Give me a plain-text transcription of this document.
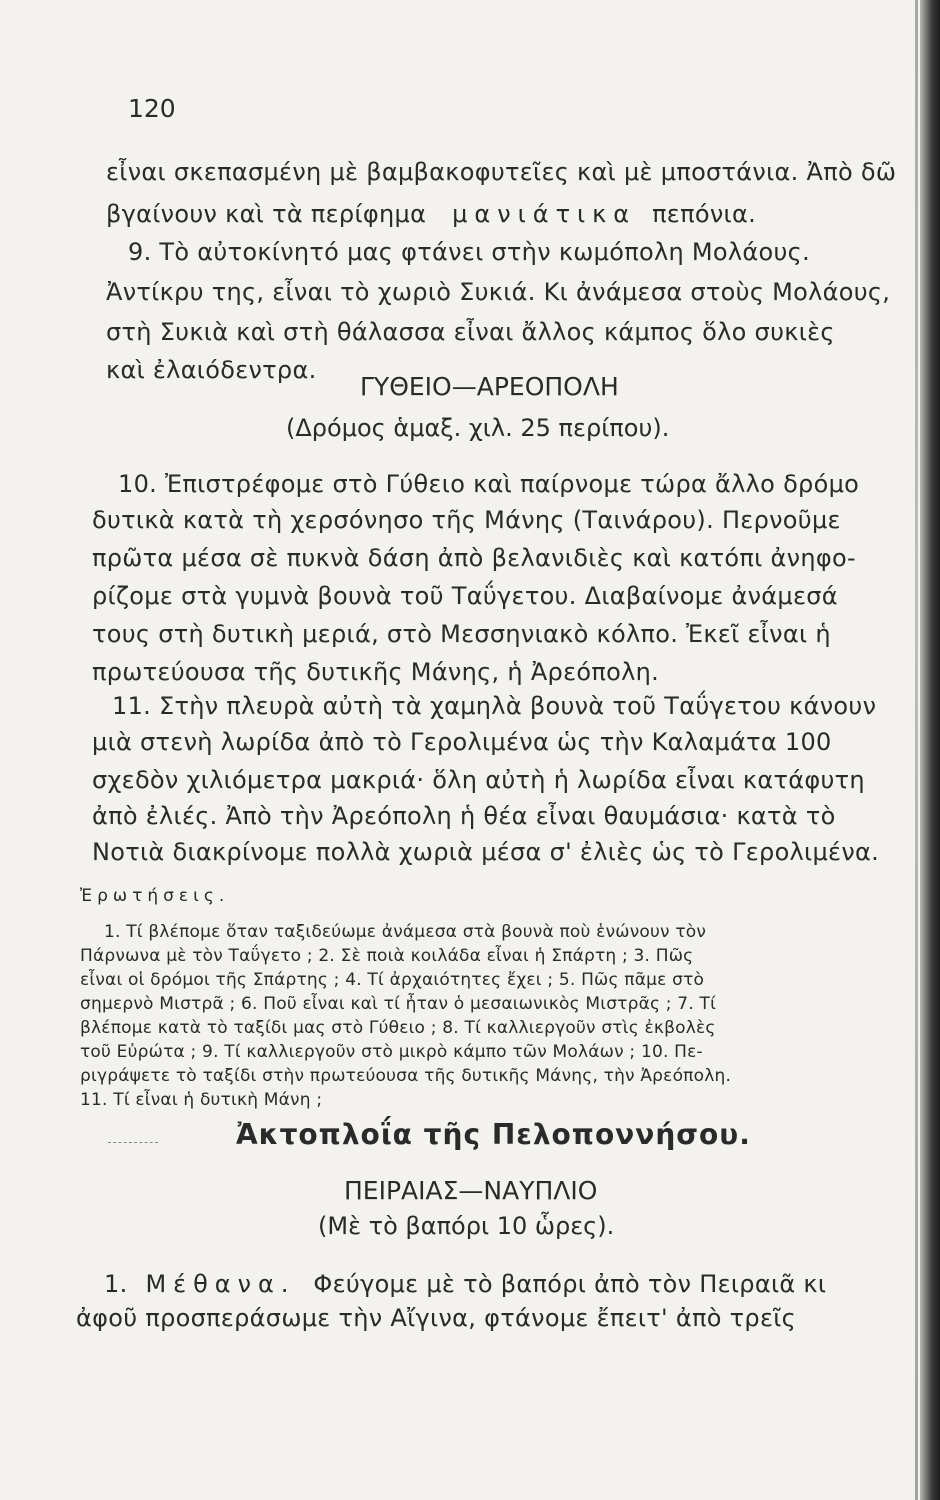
120
εἶναι σκεπασμένη μὲ βαμβακοφυτεῖες καὶ μὲ μποστάνια. Ἀπὸ δῶ
βγαίνουν καὶ τὰ περίφημα μανιάτικα πεπόνια.
9. Τὸ αὐτοκίνητό μας φτάνει στὴν κωμόπολη Μολάους.
Ἀντίκρυ της, εἶναι τὸ χωριὸ Συκιά. Κι ἀνάμεσα στοὺς Μολάους,
στὴ Συκιὰ καὶ στὴ θάλασσα εἶναι ἄλλος κάμπος ὅλο συκιὲς
καὶ ἐλαιόδεντρα.
ΓΥΘΕΙΟ—ΑΡΕΟΠΟΛΗ
(Δρόμος ἁμαξ. χιλ. 25 περίπου).
10. Ἐπιστρέφομε στὸ Γύθειο καὶ παίρνομε τώρα ἄλλο δρόμο
δυτικὰ κατὰ τὴ χερσόνησο τῆς Μάνης (Ταινάρου). Περνοῦμε
πρῶτα μέσα σὲ πυκνὰ δάση ἀπὸ βελανιδιὲς καὶ κατόπι ἀνηφο-
ρίζομε στὰ γυμνὰ βουνὰ τοῦ Ταΰγετου. Διαβαίνομε ἀνάμεσά
τους στὴ δυτικὴ μεριά, στὸ Μεσσηνιακὸ κόλπο. Ἐκεῖ εἶναι ἡ
πρωτεύουσα τῆς δυτικῆς Μάνης, ἡ Ἀρεόπολη.
11. Στὴν πλευρὰ αὐτὴ τὰ χαμηλὰ βουνὰ τοῦ Ταΰγετου κάνουν
μιὰ στενὴ λωρίδα ἀπὸ τὸ Γερολιμένα ὡς τὴν Καλαμάτα 100
σχεδὸν χιλιόμετρα μακριά· ὅλη αὐτὴ ἡ λωρίδα εἶναι κατάφυτη
ἀπὸ ἐλιές. Ἀπὸ τὴν Ἀρεόπολη ἡ θέα εἶναι θαυμάσια· κατὰ τὸ
Νοτιὰ διακρίνομε πολλὰ χωριὰ μέσα σ' ἐλιὲς ὡς τὸ Γερολιμένα.
Ἐρωτήσεις.
1. Τί βλέπομε ὅταν ταξιδεύωμε ἀνάμεσα στὰ βουνὰ ποὺ ἑνώνουν τὸν
Πάρνωνα μὲ τὸν Ταΰγετο ; 2. Σὲ ποιὰ κοιλάδα εἶναι ἡ Σπάρτη ; 3. Πῶς
εἶναι οἱ δρόμοι τῆς Σπάρτης ; 4. Τί ἀρχαιότητες ἔχει ; 5. Πῶς πᾶμε στὸ
σημερνὸ Μιστρᾶ ; 6. Ποῦ εἶναι καὶ τί ἦταν ὁ μεσαιωνικὸς Μιστρᾶς ; 7. Τί
βλέπομε κατὰ τὸ ταξίδι μας στὸ Γύθειο ; 8. Τί καλλιεργοῦν στὶς ἐκβολὲς
τοῦ Εὐρώτα ; 9. Τί καλλιεργοῦν στὸ μικρὸ κάμπο τῶν Μολάων ; 10. Πε-
ριγράψετε τὸ ταξίδι στὴν πρωτεύουσα τῆς δυτικῆς Μάνης, τὴν Ἀρεόπολη.
11. Τί εἶναι ἡ δυτικὴ Μάνη ;
Ἀκτοπλοΐα τῆς Πελοποννήσου.
ΠΕΙΡΑΙΑΣ—ΝΑΥΠΛΙΟ
(Μὲ τὸ βαπόρι 10 ὧρες).
1. Μέθανα. Φεύγομε μὲ τὸ βαπόρι ἀπὸ τὸν Πειραιᾶ κι
ἀφοῦ προσπεράσωμε τὴν Αἴγινα, φτάνομε ἔπειτ' ἀπὸ τρεῖς
